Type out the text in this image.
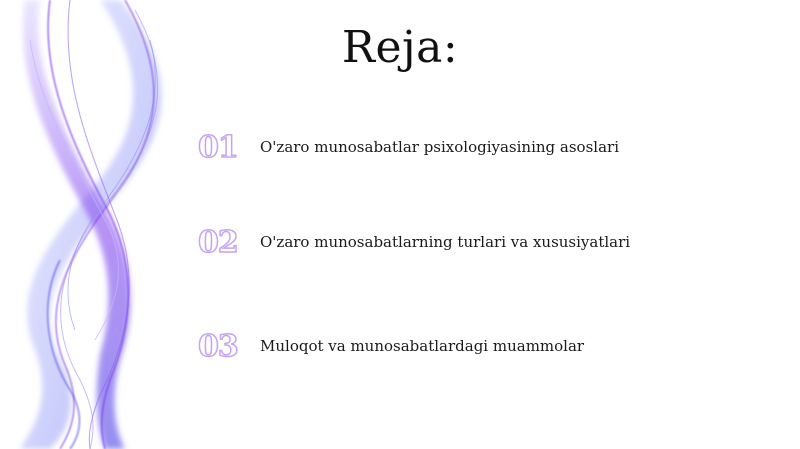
Reja:
01	O'zaro munosabatlar psixologiyasining asoslari
02	O'zaro munosabatlarning turlari va xususiyatlari
03	Muloqot va munosabatlardagi muammolar
